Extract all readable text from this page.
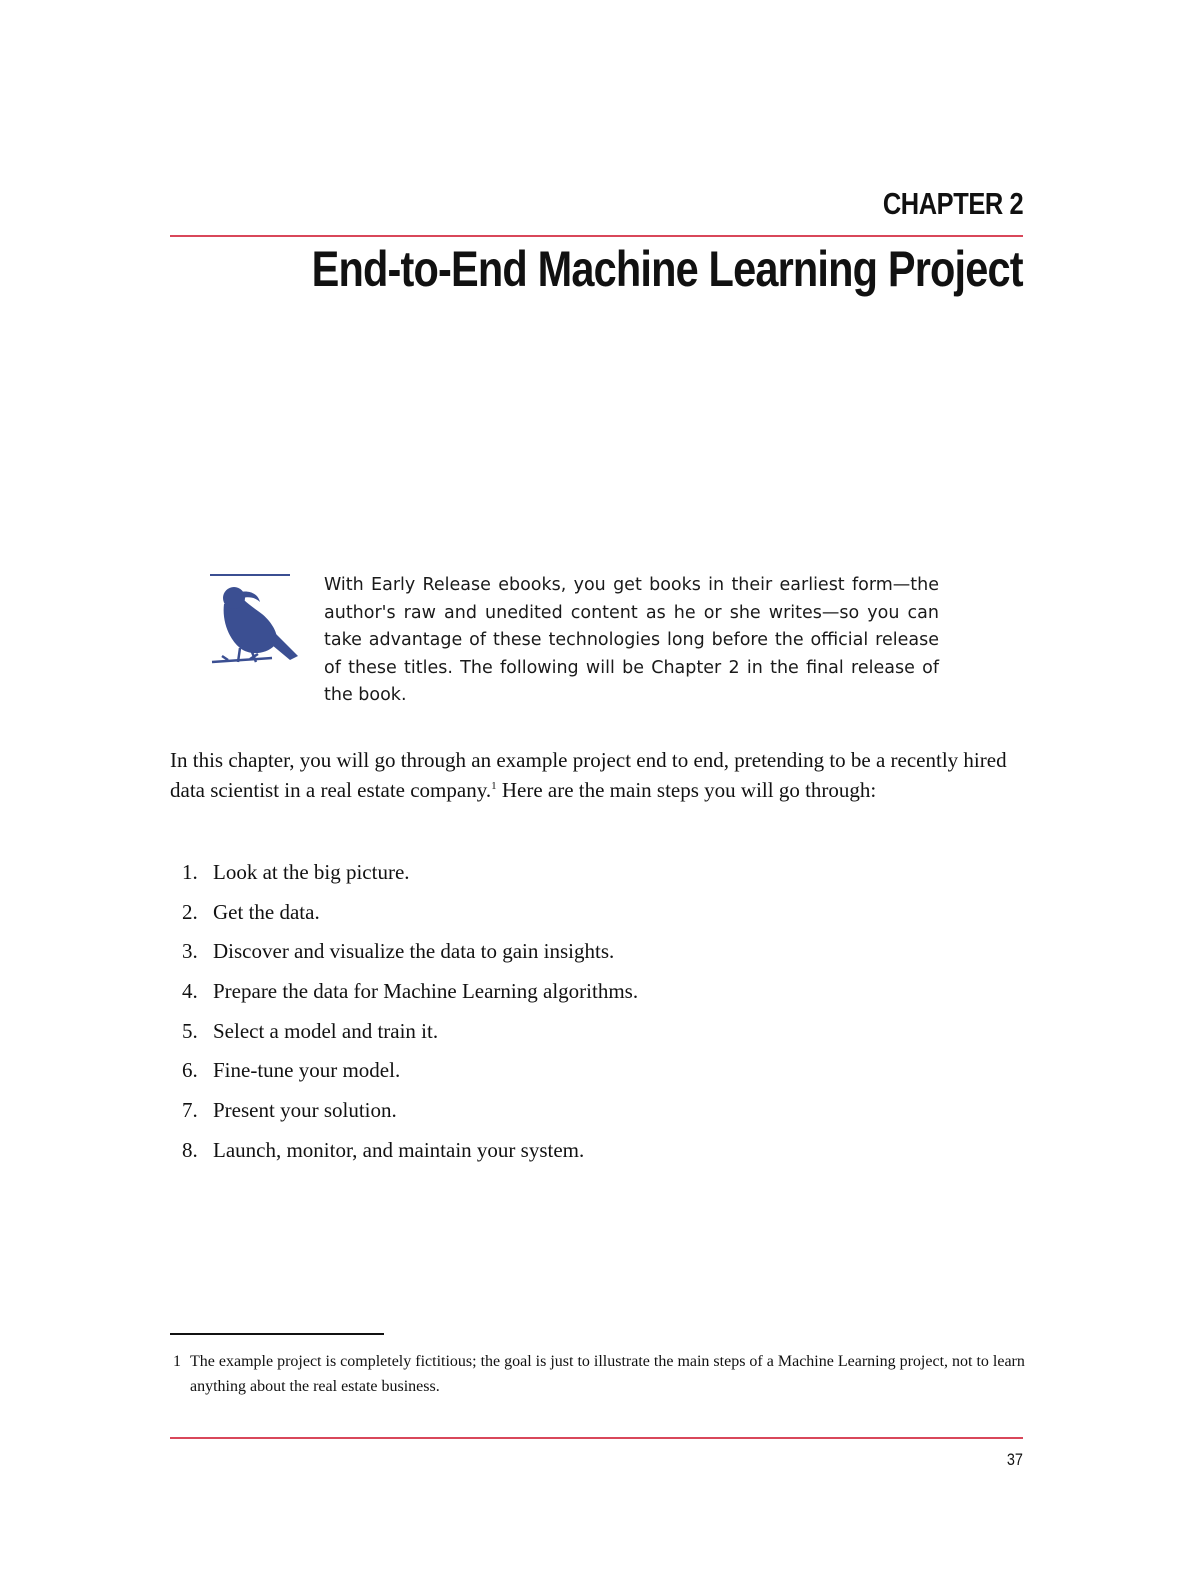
CHAPTER 2
End-to-End Machine Learning Project
With Early Release ebooks, you get books in their earliest form—the author's raw and unedited content as he or she writes—so you can take advantage of these technologies long before the official release of these titles. The following will be Chapter 2 in the final release of the book.

In this chapter, you will go through an example project end to end, pretending to be a recently hired data scientist in a real estate company.$^1$ Here are the main steps you will go through:

1. Look at the big picture.
2. Get the data.
3. Discover and visualize the data to gain insights.
4. Prepare the data for Machine Learning algorithms.
5. Select a model and train it.
6. Fine-tune your model.
7. Present your solution.
8. Launch, monitor, and maintain your system.
1 The example project is completely fictitious; the goal is just to illustrate the main steps of a Machine Learning project, not to learn anything about the real estate business.
37
